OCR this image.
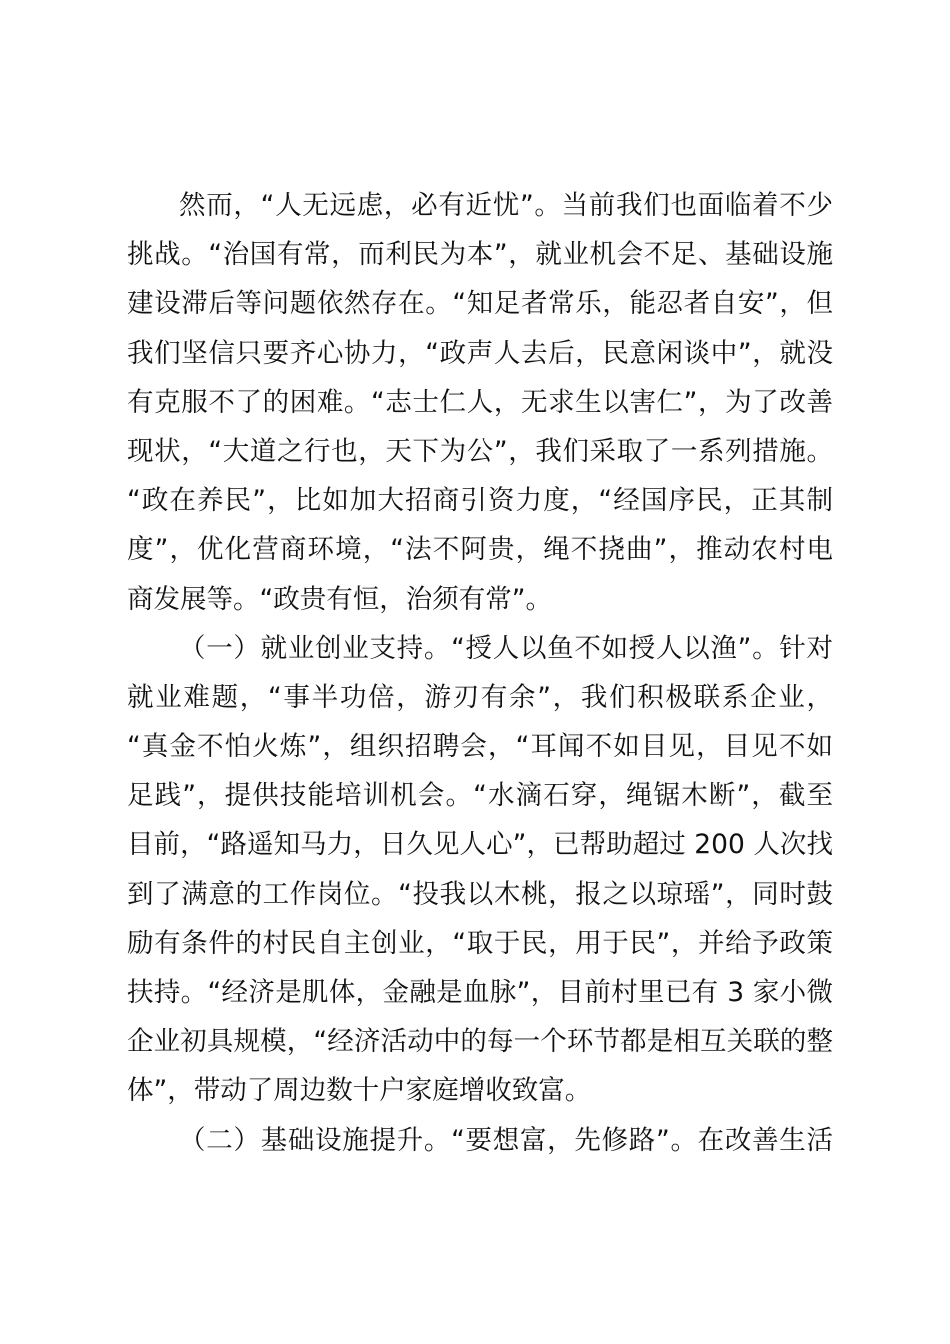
然而，“人无远虑，必有近忧”。当前我们也面临着不少
挑战。“治国有常，而利民为本”，就业机会不足、基础设施
建设滞后等问题依然存在。“知足者常乐，能忍者自安”，但
我们坚信只要齐心协力，“政声人去后，民意闲谈中”，就没
有克服不了的困难。“志士仁人，无求生以害仁”，为了改善
现状，“大道之行也，天下为公”，我们采取了一系列措施。
“政在养民”，比如加大招商引资力度，“经国序民，正其制
度”，优化营商环境，“法不阿贵，绳不挠曲”，推动农村电
商发展等。“政贵有恒，治须有常”。
（一）就业创业支持。“授人以鱼不如授人以渔”。针对
就业难题，“事半功倍，游刃有余”，我们积极联系企业，
“真金不怕火炼”，组织招聘会，“耳闻不如目见，目见不如
足践”，提供技能培训机会。“水滴石穿，绳锯木断”，截至
目前，“路遥知马力，日久见人心”，已帮助超过 200 人次找
到了满意的工作岗位。“投我以木桃，报之以琼瑶”，同时鼓
励有条件的村民自主创业，“取于民，用于民”，并给予政策
扶持。“经济是肌体，金融是血脉”，目前村里已有 3 家小微
企业初具规模，“经济活动中的每一个环节都是相互关联的整
体”，带动了周边数十户家庭增收致富。
（二）基础设施提升。“要想富，先修路”。在改善生活
